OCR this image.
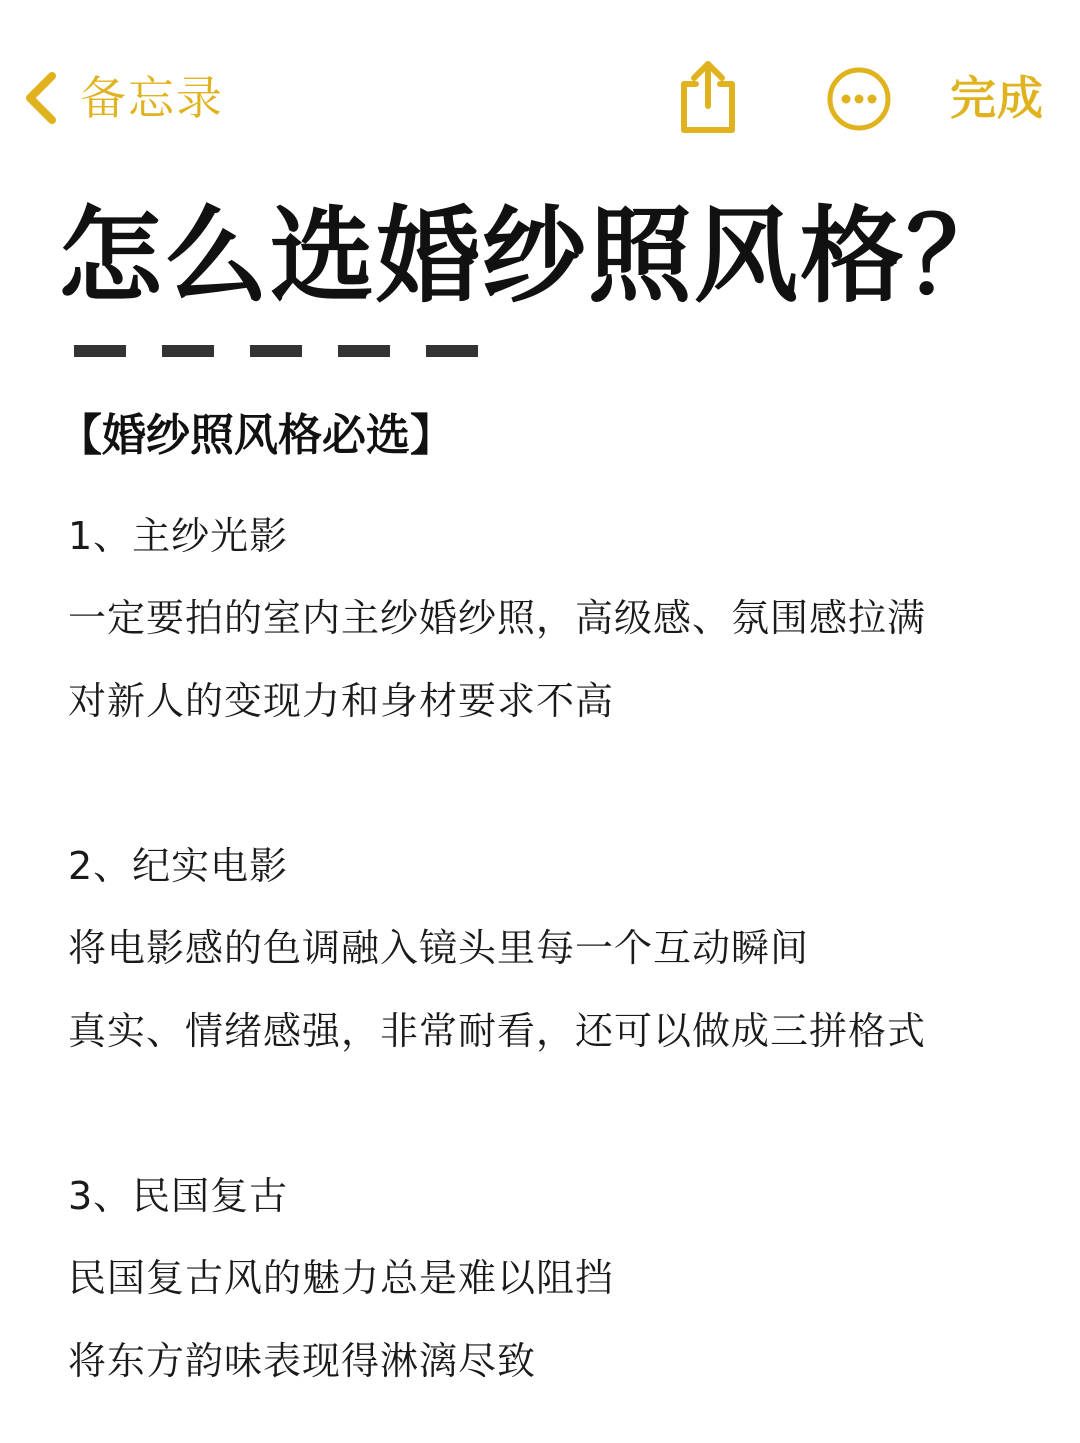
备忘录	完成
怎么选婚纱照风格？
【婚纱照风格必选】
1、主纱光影
一定要拍的室内主纱婚纱照，高级感、氛围感拉满
对新人的变现力和身材要求不高
2、纪实电影
将电影感的色调融入镜头里每一个互动瞬间
真实、情绪感强，非常耐看，还可以做成三拼格式
3、民国复古
民国复古风的魅力总是难以阻挡
将东方韵味表现得淋漓尽致
